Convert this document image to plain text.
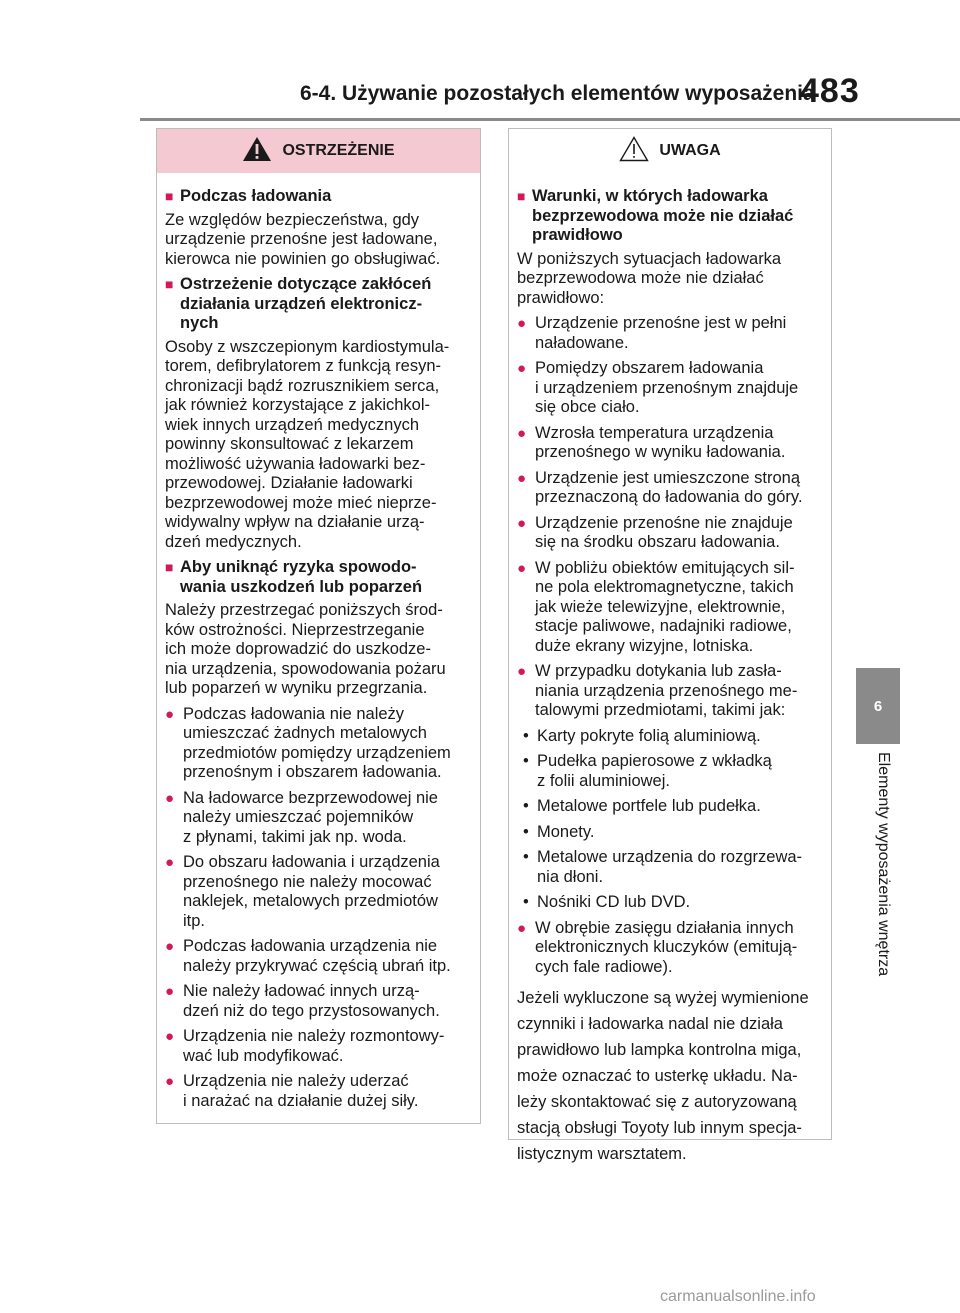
6-4. Używanie pozostałych elementów wyposażenia
483
6
Elementy wyposażenia wnętrza
OSTRZEŻENIE
■ Podczas ładowania
Ze względów bezpieczeństwa, gdy
urządzenie przenośne jest ładowane,
kierowca nie powinien go obsługiwać.
■ Ostrzeżenie dotyczące zakłóceń
działania urządzeń elektronicz-
nych
Osoby z wszczepionym kardiostymula-
torem, defibrylatorem z funkcją resyn-
chronizacji bądź rozrusznikiem serca,
jak również korzystające z jakichkol-
wiek innych urządzeń medycznych
powinny skonsultować z lekarzem
możliwość używania ładowarki bez-
przewodowej. Działanie ładowarki
bezprzewodowej może mieć nieprze-
widywalny wpływ na działanie urzą-
dzeń medycznych.
■ Aby uniknąć ryzyka spowodo-
wania uszkodzeń lub poparzeń
Należy przestrzegać poniższych środ-
ków ostrożności. Nieprzestrzeganie
ich może doprowadzić do uszkodze-
nia urządzenia, spowodowania pożaru
lub poparzeń w wyniku przegrzania.
● Podczas ładowania nie należy
umieszczać żadnych metalowych
przedmiotów pomiędzy urządzeniem
przenośnym i obszarem ładowania.
● Na ładowarce bezprzewodowej nie
należy umieszczać pojemników
z płynami, takimi jak np. woda.
● Do obszaru ładowania i urządzenia
przenośnego nie należy mocować
naklejek, metalowych przedmiotów
itp.
● Podczas ładowania urządzenia nie
należy przykrywać częścią ubrań itp.
● Nie należy ładować innych urzą-
dzeń niż do tego przystosowanych.
● Urządzenia nie należy rozmontowy-
wać lub modyfikować.
● Urządzenia nie należy uderzać
i narażać na działanie dużej siły.
UWAGA
■ Warunki, w których ładowarka
bezprzewodowa może nie działać
prawidłowo
W poniższych sytuacjach ładowarka
bezprzewodowa może nie działać
prawidłowo:
● Urządzenie przenośne jest w pełni
naładowane.
● Pomiędzy obszarem ładowania
i urządzeniem przenośnym znajduje
się obce ciało.
● Wzrosła temperatura urządzenia
przenośnego w wyniku ładowania.
● Urządzenie jest umieszczone stroną
przeznaczoną do ładowania do góry.
● Urządzenie przenośne nie znajduje
się na środku obszaru ładowania.
● W pobliżu obiektów emitujących sil-
ne pola elektromagnetyczne, takich
jak wieże telewizyjne, elektrownie,
stacje paliwowe, nadajniki radiowe,
duże ekrany wizyjne, lotniska.
● W przypadku dotykania lub zasła-
niania urządzenia przenośnego me-
talowymi przedmiotami, takimi jak:
• Karty pokryte folią aluminiową.
• Pudełka papierosowe z wkładką
z folii aluminiowej.
• Metalowe portfele lub pudełka.
• Monety.
• Metalowe urządzenia do rozgrzewa-
nia dłoni.
• Nośniki CD lub DVD.
● W obrębie zasięgu działania innych
elektronicznych kluczyków (emitują-
cych fale radiowe).
Jeżeli wykluczone są wyżej wymienione
czynniki i ładowarka nadal nie działa
prawidłowo lub lampka kontrolna miga,
może oznaczać to usterkę układu. Na-
leży skontaktować się z autoryzowaną
stacją obsługi Toyoty lub innym specja-
listycznym warsztatem.
carmanualsonline.info
